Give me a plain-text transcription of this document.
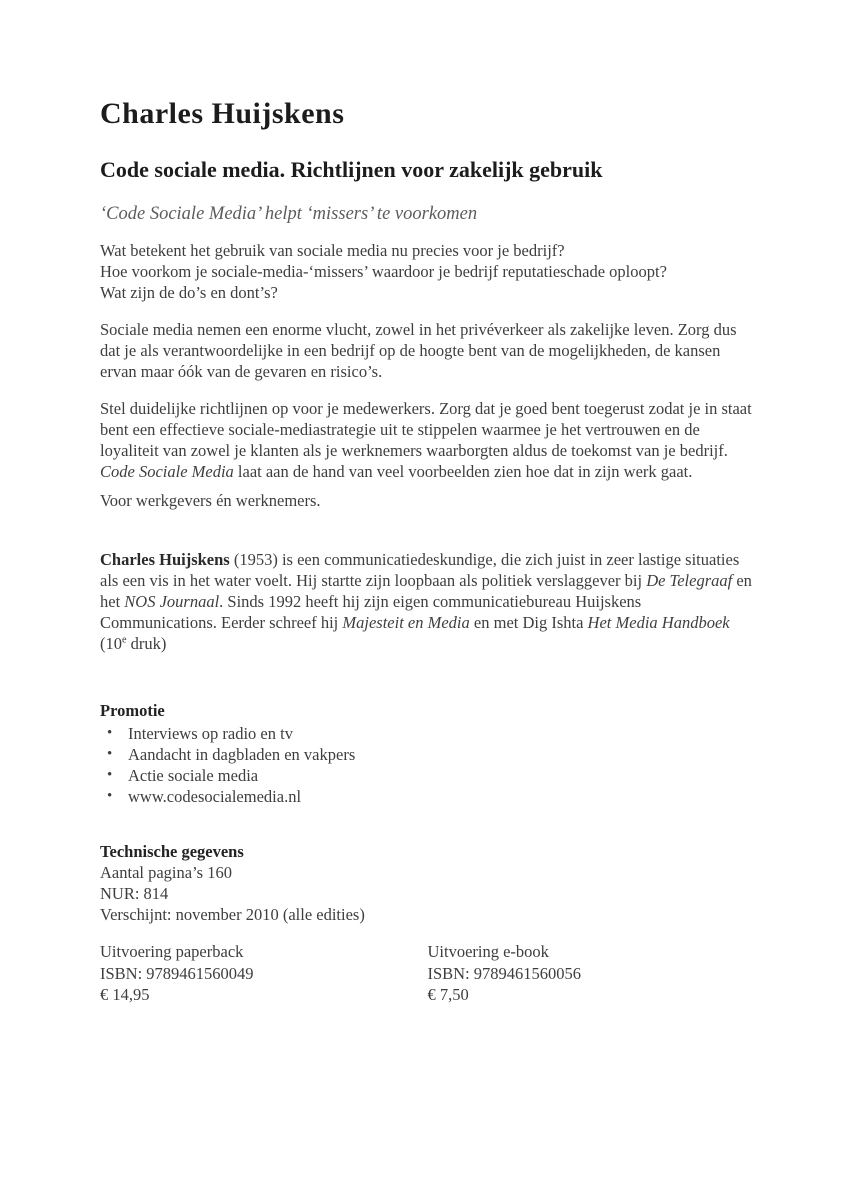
Charles Huijskens
Code sociale media. Richtlijnen voor zakelijk gebruik
‘Code Sociale Media’ helpt ‘missers’ te voorkomen
Wat betekent het gebruik van sociale media nu precies voor je bedrijf?
Hoe voorkom je sociale-media-‘missers’ waardoor je bedrijf reputatieschade oploopt?
Wat zijn de do’s en dont’s?

Sociale media nemen een enorme vlucht, zowel in het privéverkeer als zakelijke leven. Zorg dus dat je als verantwoordelijke in een bedrijf op de hoogte bent van de mogelijkheden, de kansen ervan maar óók van de gevaren en risico’s.

Stel duidelijke richtlijnen op voor je medewerkers. Zorg dat je goed bent toegerust zodat je in staat bent een effectieve sociale-mediastrategie uit te stippelen waarmee je het vertrouwen en de loyaliteit van zowel je klanten als je werknemers waarborgten aldus de toekomst van je bedrijf. Code Sociale Media laat aan de hand van veel voorbeelden zien hoe dat in zijn werk gaat.

Voor werkgevers én werknemers.

Charles Huijskens (1953) is een communicatiedeskundige, die zich juist in zeer lastige situaties als een vis in het water voelt. Hij startte zijn loopbaan als politiek verslaggever bij De Telegraaf en het NOS Journaal. Sinds 1992 heeft hij zijn eigen communicatiebureau Huijskens Communications. Eerder schreef hij Majesteit en Media en met Dig Ishta Het Media Handboek (10e druk)

Promotie
• Interviews op radio en tv
• Aandacht in dagbladen en vakpers
• Actie sociale media
• www.codesocialemedia.nl
Technische gegevens
Aantal pagina’s 160
NUR: 814
Verschijnt: november 2010 (alle edities)
Uitvoering paperback
ISBN: 9789461560049
€ 14,95
Uitvoering e-book
ISBN: 9789461560056
€ 7,50
